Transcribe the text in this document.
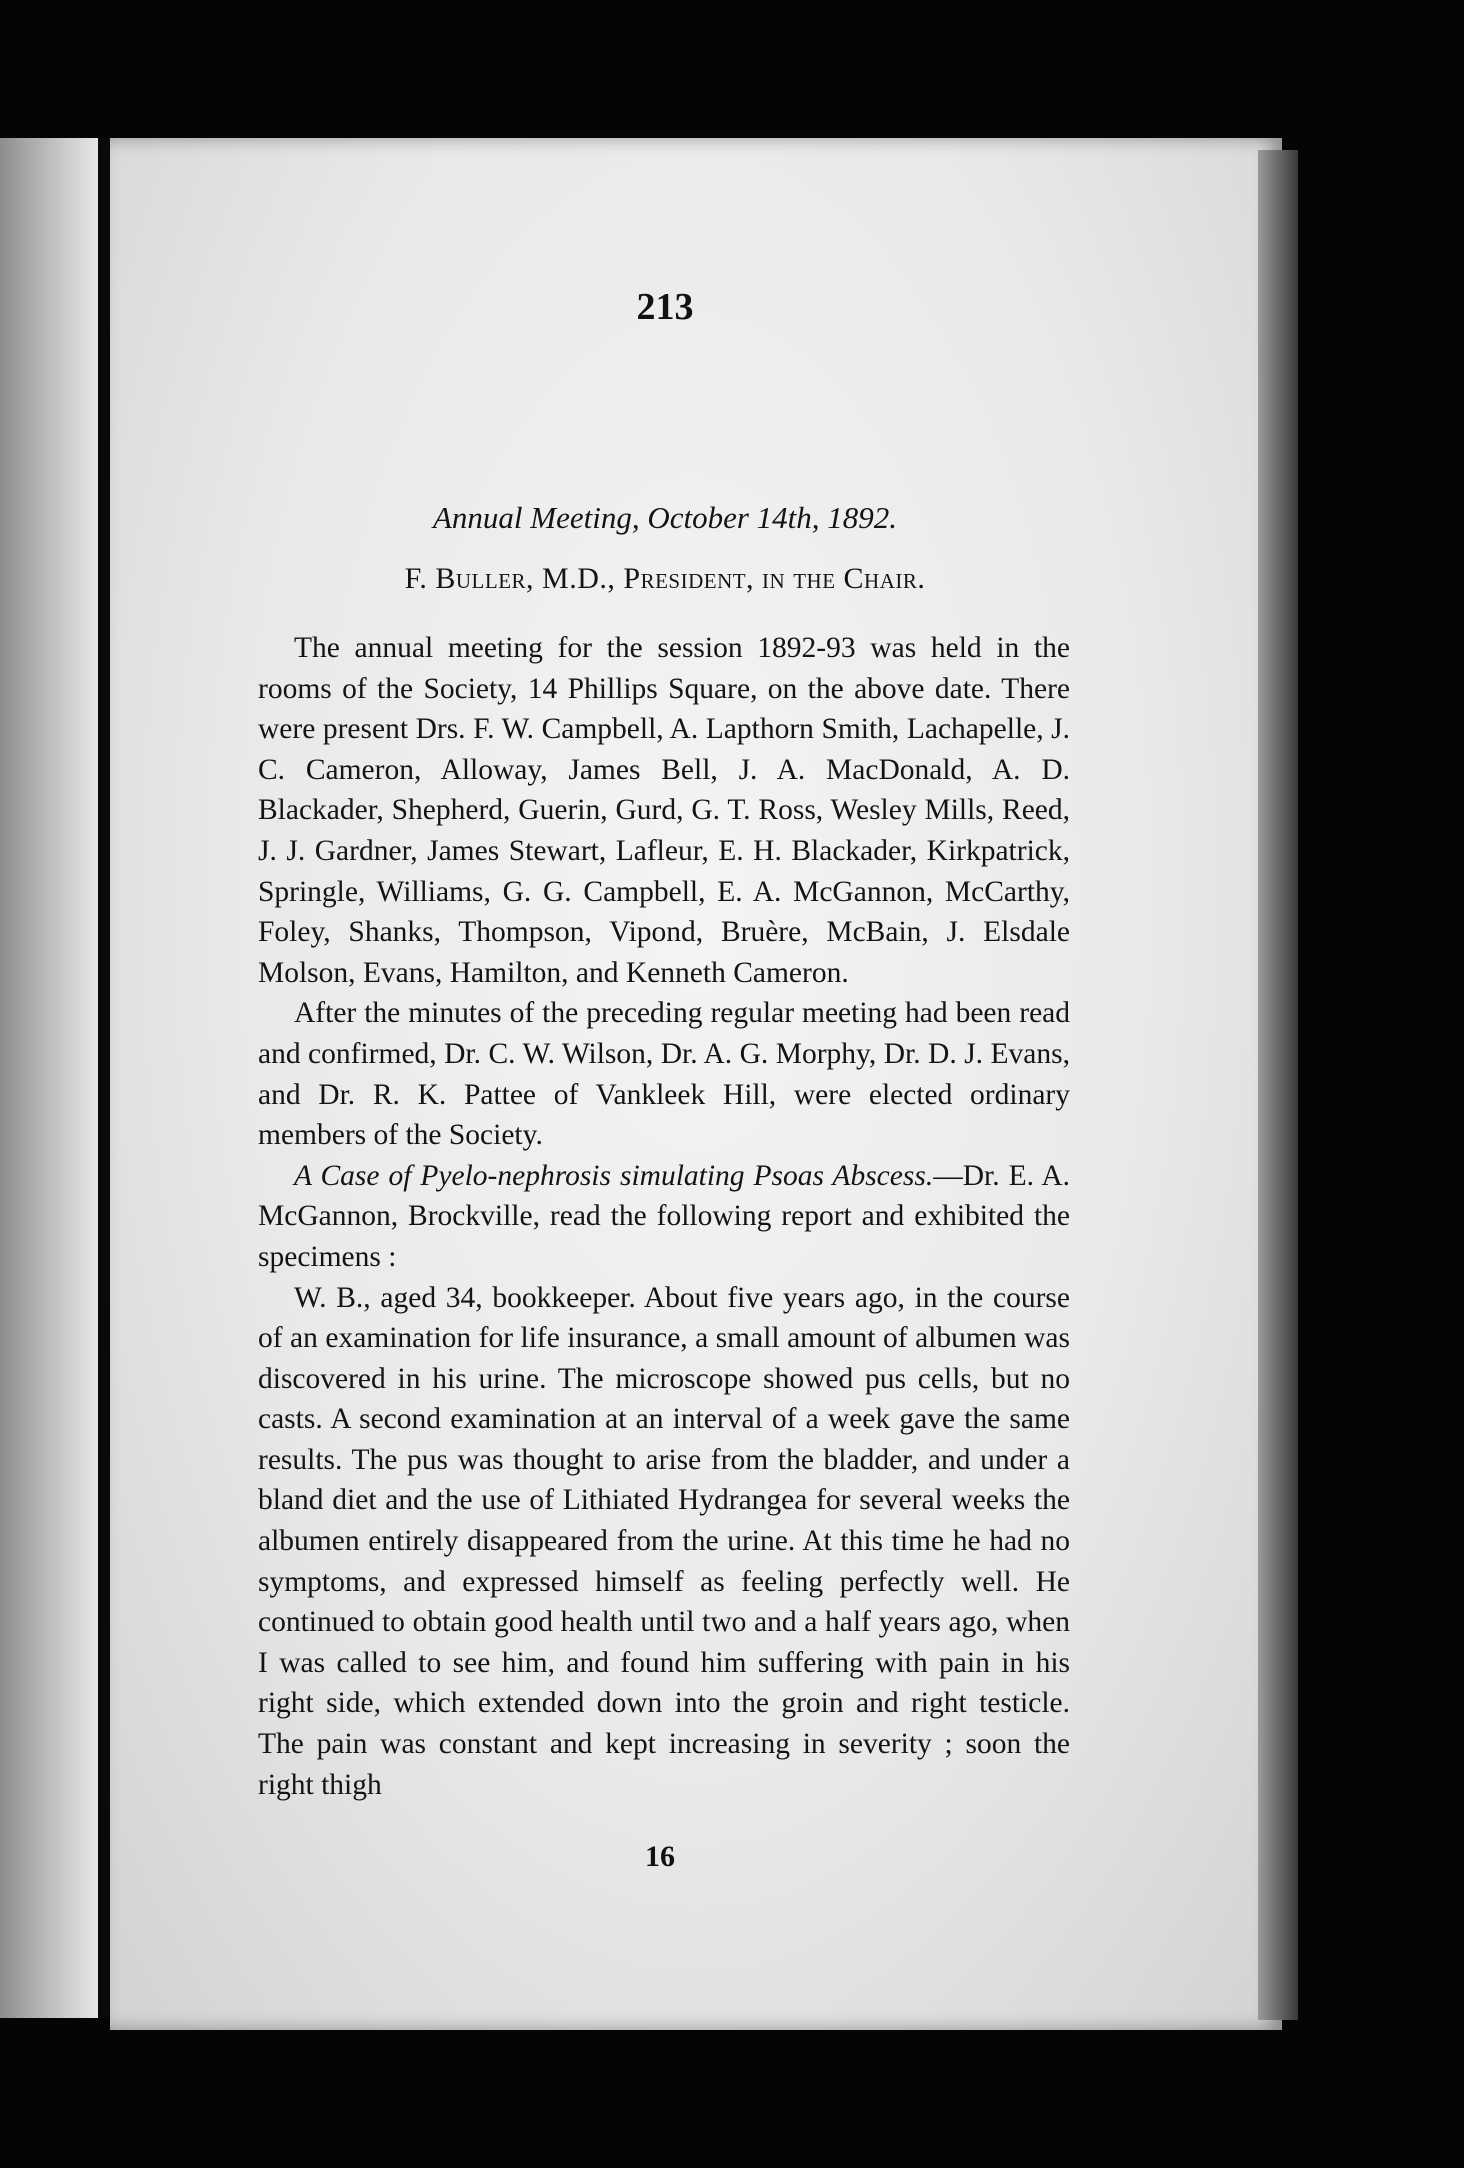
213
Annual Meeting, October 14th, 1892.
F. Buller, M.D., President, in the Chair.

The annual meeting for the session 1892-93 was held in the rooms of the Society, 14 Phillips Square, on the above date. There were present Drs. F. W. Campbell, A. Lapthorn Smith, Lachapelle, J. C. Cameron, Alloway, James Bell, J. A. MacDonald, A. D. Blackader, Shepherd, Guerin, Gurd, G. T. Ross, Wesley Mills, Reed, J. J. Gardner, James Stewart, Lafleur, E. H. Blackader, Kirkpatrick, Springle, Williams, G. G. Campbell, E. A. McGannon, McCarthy, Foley, Shanks, Thompson, Vipond, Bruère, McBain, J. Elsdale Molson, Evans, Hamilton, and Kenneth Cameron.

After the minutes of the preceding regular meeting had been read and confirmed, Dr. C. W. Wilson, Dr. A. G. Morphy, Dr. D. J. Evans, and Dr. R. K. Pattee of Vankleek Hill, were elected ordinary members of the Society.

A Case of Pyelo-nephrosis simulating Psoas Abscess.—Dr. E. A. McGannon, Brockville, read the following report and exhibited the specimens :

W. B., aged 34, bookkeeper. About five years ago, in the course of an examination for life insurance, a small amount of albumen was discovered in his urine. The microscope showed pus cells, but no casts. A second examination at an interval of a week gave the same results. The pus was thought to arise from the bladder, and under a bland diet and the use of Lithiated Hydrangea for several weeks the albumen entirely disappeared from the urine. At this time he had no symptoms, and expressed himself as feeling perfectly well. He continued to obtain good health until two and a half years ago, when I was called to see him, and found him suffering with pain in his right side, which extended down into the groin and right testicle. The pain was constant and kept increasing in severity ; soon the right thigh

16
